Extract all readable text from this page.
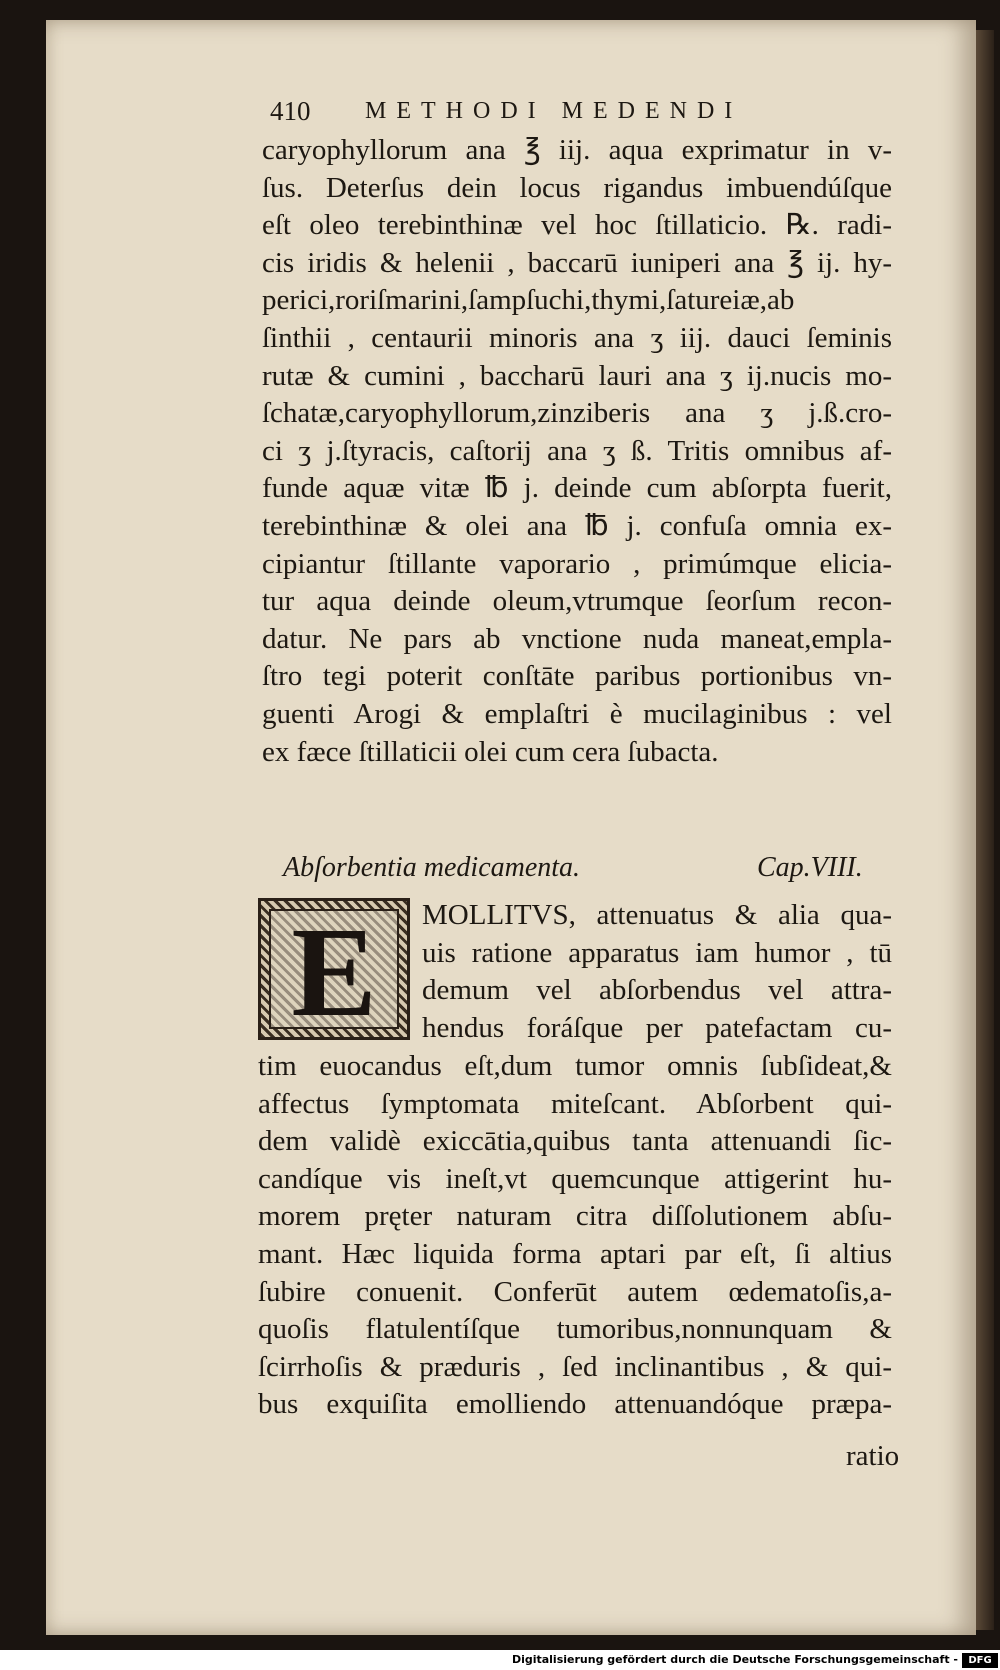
410 METHODI MEDENDI
caryophyllorum ana ℥ iij. aqua exprimatur in v-
ſus. Deterſus dein locus rigandus imbuendúſque
eſt oleo terebinthinæ vel hoc ſtillaticio. ℞. radi-
cis iridis & helenii , baccarū iuniperi ana ℥ ij. hy-
perici,roriſmarini,ſampſuchi,thymi,ſatureiæ,ab
ſinthii , centaurii minoris ana ʒ iij. dauci ſeminis
rutæ & cumini , baccharū lauri ana ʒ ij.nucis mo-
ſchatæ,caryophyllorum,zinziberis ana ʒ j.ß.cro-
ci ʒ j.ſtyracis, caſtorij ana ʒ ß. Tritis omnibus af-
funde aquæ vitæ ℔ j. deinde cum abſorpta fuerit,
terebinthinæ & olei ana ℔ j. confuſa omnia ex-
cipiantur ſtillante vaporario , primúmque elicia-
tur aqua deinde oleum,vtrumque ſeorſum recon-
datur. Ne pars ab vnctione nuda maneat,empla-
ſtro tegi poterit conſtāte paribus portionibus vn-
guenti Arogi & emplaſtri è mucilaginibus : vel
ex fæce ſtillaticii olei cum cera ſubacta.
Abſorbentia medicamenta.	Cap.VIII.
E	MOLLITVS, attenuatus & alia qua-
uis ratione apparatus iam humor , tū
demum vel abſorbendus vel attra-
hendus foráſque per patefactam cu-
tim euocandus eſt,dum tumor omnis ſubſideat,&
affectus ſymptomata miteſcant. Abſorbent qui-
dem validè exiccātia,quibus tanta attenuandi ſic-
candíque vis ineſt,vt quemcunque attigerint hu-
morem pręter naturam citra diſſolutionem abſu-
mant. Hæc liquida forma aptari par eſt, ſi altius
ſubire conuenit. Conferūt autem œdematoſis,a-
quoſis flatulentíſque tumoribus,nonnunquam &
ſcirrhoſis & præduris , ſed inclinantibus , & qui-
bus exquiſita emolliendo attenuandóque præpa-
ratio
Digitalisierung gefördert durch die Deutsche Forschungsgemeinschaft -	DFG
